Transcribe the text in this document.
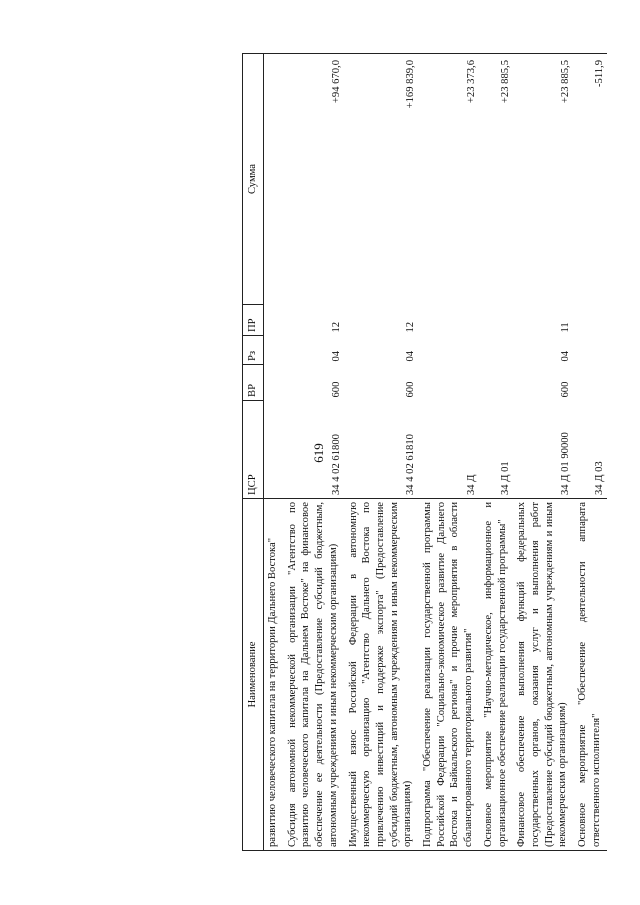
619
Наименование	ЦСР	ВР	Рз	ПР	Сумма
развитию человеческого капитала на территории Дальнего Востока"					
Субсидия автономной некоммерческой организации "Агентство по развитию человеческого капитала на Дальнем Востоке" на финансовое обеспечение ее деятельности (Предоставление субсидий бюджетным, автономным учреждениям и иным некоммерческим организациям)	34 4 02 61800	600	04	12	+94 670,0
Имущественный взнос Российской Федерации в автономную некоммерческую организацию "Агентство Дальнего Востока по привлечению инвестиций и поддержке экспорта" (Предоставление субсидий бюджетным, автономным учреждениям и иным некоммерческим организациям)	34 4 02 61810	600	04	12	+169 839,0
Подпрограмма "Обеспечение реализации государственной программы Российской Федерации "Социально-экономическое развитие Дальнего Востока и Байкальского региона" и прочие мероприятия в области сбалансированного территориального развития"	34 Д				+23 373,6
Основное мероприятие "Научно-методическое, информационное и организационное обеспечение реализации государственной программы"	34 Д 01				+23 885,5
Финансовое обеспечение выполнения функций федеральных государственных органов, оказания услуг и выполнения работ (Предоставление субсидий бюджетным, автономным учреждениям и иным некоммерческим организациям)	34 Д 01 90000	600	04	11	+23 885,5
Основное мероприятие "Обеспечение деятельности аппарата ответственного исполнителя"	34 Д 03				-511,9
